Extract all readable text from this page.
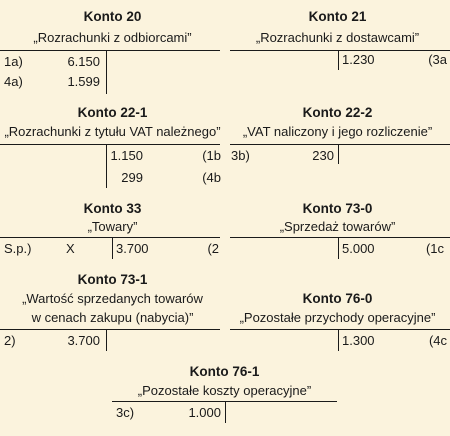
Konto 20
„Rozrachunki z odbiorcami”
1a)	6.150
4a)	1.599
Konto 21
„Rozrachunki z dostawcami”
1.230	(3a
Konto 22-1
„Rozrachunki z tytułu VAT należnego”
1.150	(1b
299	(4b
Konto 22-2
„VAT naliczony i jego rozliczenie”
3b)	230
Konto 33
„Towary”
S.p.)	X	3.700	(2
Konto 73-0
„Sprzedaż towarów”
5.000	(1c
Konto 73-1
„Wartość sprzedanych towarów
w cenach zakupu (nabycia)”
2)	3.700
Konto 76-0
„Pozostałe przychody operacyjne”
1.300	(4c
Konto 76-1
„Pozostałe koszty operacyjne”
3c)	1.000
